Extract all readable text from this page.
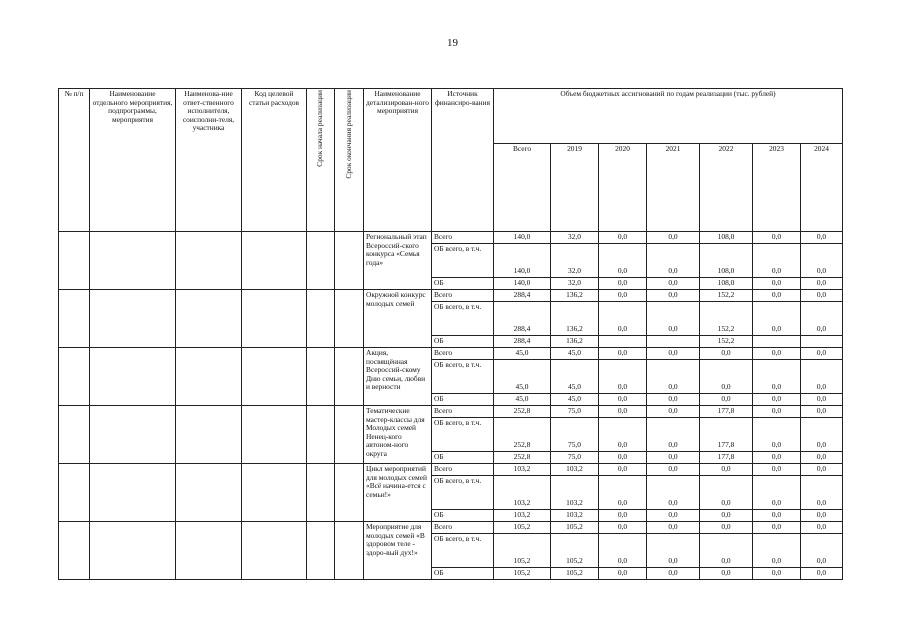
19
№ п/п	Наименование отдельного мероприятия, подпрограммы, мероприятия	Наименова-ние ответ-ственного исполнителя, соисполни-теля, участника	Код целевой статьи расходов	Срок начала реализации	Срок окончания реализации	Наименование детализирован-ного мероприятия	Источник финансиро-вания	Объем бюджетных ассигнований по годам реализации (тыс. рублей)						
								Всего	2019	2020	2021	2022	2023	2024
						Региональный этап Всероссий-ского конкурса «Семья года»	Всего	140,0	32,0	0,0	0,0	108,0	0,0	0,0
							ОБ всего, в т.ч.	140,0	32,0	0,0	0,0	108,0	0,0	0,0
							ОБ	140,0	32,0	0,0	0,0	108,0	0,0	0,0
						Окружной конкурс молодых семей	Всего	288,4	136,2	0,0	0,0	152,2	0,0	0,0
							ОБ всего, в т.ч.	288,4	136,2	0,0	0,0	152,2	0,0	0,0
							ОБ	288,4	136,2			152,2		
						Акция, посвящённая Всероссий-скому Дню семьи, любви и верности	Всего	45,0	45,0	0,0	0,0	0,0	0,0	0,0
							ОБ всего, в т.ч.	45,0	45,0	0,0	0,0	0,0	0,0	0,0
							ОБ	45,0	45,0	0,0	0,0	0,0	0,0	0,0
						Тематические мастер-классы для Молодых семей Ненец-кого автоном-ного округа	Всего	252,8	75,0	0,0	0,0	177,8	0,0	0,0
							ОБ всего, в т.ч.	252,8	75,0	0,0	0,0	177,8	0,0	0,0
							ОБ	252,8	75,0	0,0	0,0	177,8	0,0	0,0
						Цикл мероприятий для молодых семей «Всё начина-ется с семьи!»	Всего	103,2	103,2	0,0	0,0	0,0	0,0	0,0
							ОБ всего, в т.ч.	103,2	103,2	0,0	0,0	0,0	0,0	0,0
							ОБ	103,2	103,2	0,0	0,0	0,0	0,0	0,0
						Мероприятие для молодых семей «В здоровом теле - здоро-вый дух!»	Всего	105,2	105,2	0,0	0,0	0,0	0,0	0,0
							ОБ всего, в т.ч.	105,2	105,2	0,0	0,0	0,0	0,0	0,0
							ОБ	105,2	105,2	0,0	0,0	0,0	0,0	0,0
